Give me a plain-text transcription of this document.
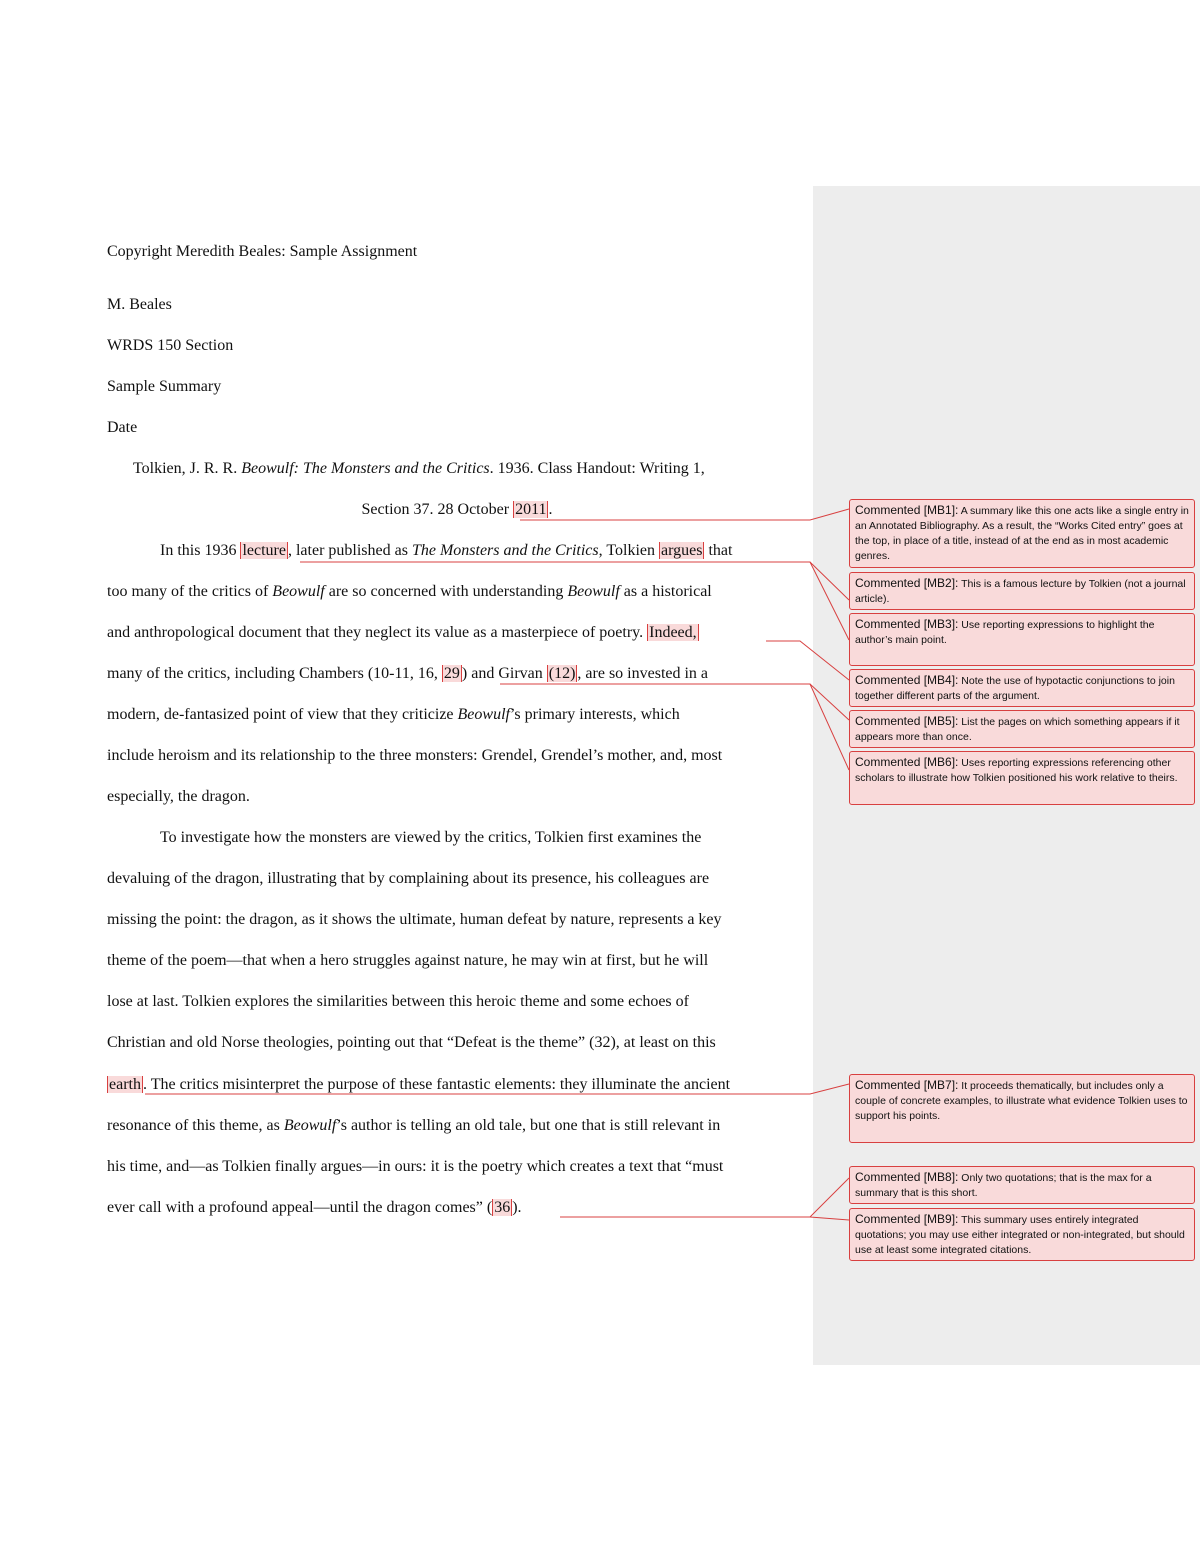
Copyright Meredith Beales: Sample Assignment
M. Beales
WRDS 150 Section
Sample Summary
Date
Tolkien, J. R. R. Beowulf: The Monsters and the Critics. 1936. Class Handout: Writing 1,
Section 37. 28 October 2011 .
In this 1936 lecture , later published as The Monsters and the Critics, Tolkien argues that
too many of the critics of Beowulf are so concerned with understanding Beowulf as a historical
and anthropological document that they neglect its value as a masterpiece of poetry. Indeed,
many of the critics, including Chambers (10-11, 16, 29 ) and Girvan (12) , are so invested in a
modern, de-fantasized point of view that they criticize Beowulf’s primary interests, which
include heroism and its relationship to the three monsters: Grendel, Grendel’s mother, and, most
especially, the dragon.
To investigate how the monsters are viewed by the critics, Tolkien first examines the
devaluing of the dragon, illustrating that by complaining about its presence, his colleagues are
missing the point: the dragon, as it shows the ultimate, human defeat by nature, represents a key
theme of the poem—that when a hero struggles against nature, he may win at first, but he will
lose at last. Tolkien explores the similarities between this heroic theme and some echoes of
Christian and old Norse theologies, pointing out that “Defeat is the theme” (32), at least on this
earth . The critics misinterpret the purpose of these fantastic elements: they illuminate the ancient
resonance of this theme, as Beowulf’s author is telling an old tale, but one that is still relevant in
his time, and—as Tolkien finally argues—in ours: it is the poetry which creates a text that “must
ever call with a profound appeal—until the dragon comes” ( 36 ).
Commented [MB1]: A summary like this one acts like a single entry in an Annotated Bibliography. As a result, the “Works Cited entry” goes at the top, in place of a title, instead of at the end as in most academic genres.
Commented [MB2]: This is a famous lecture by Tolkien (not a journal article).
Commented [MB3]: Use reporting expressions to highlight the author’s main point.
Commented [MB4]: Note the use of hypotactic conjunctions to join together different parts of the argument.
Commented [MB5]: List the pages on which something appears if it appears more than once.
Commented [MB6]: Uses reporting expressions referencing other scholars to illustrate how Tolkien positioned his work relative to theirs.
Commented [MB7]: It proceeds thematically, but includes only a couple of concrete examples, to illustrate what evidence Tolkien uses to support his points.
Commented [MB8]: Only two quotations; that is the max for a summary that is this short.
Commented [MB9]: This summary uses entirely integrated quotations; you may use either integrated or non-integrated, but should use at least some integrated citations.
